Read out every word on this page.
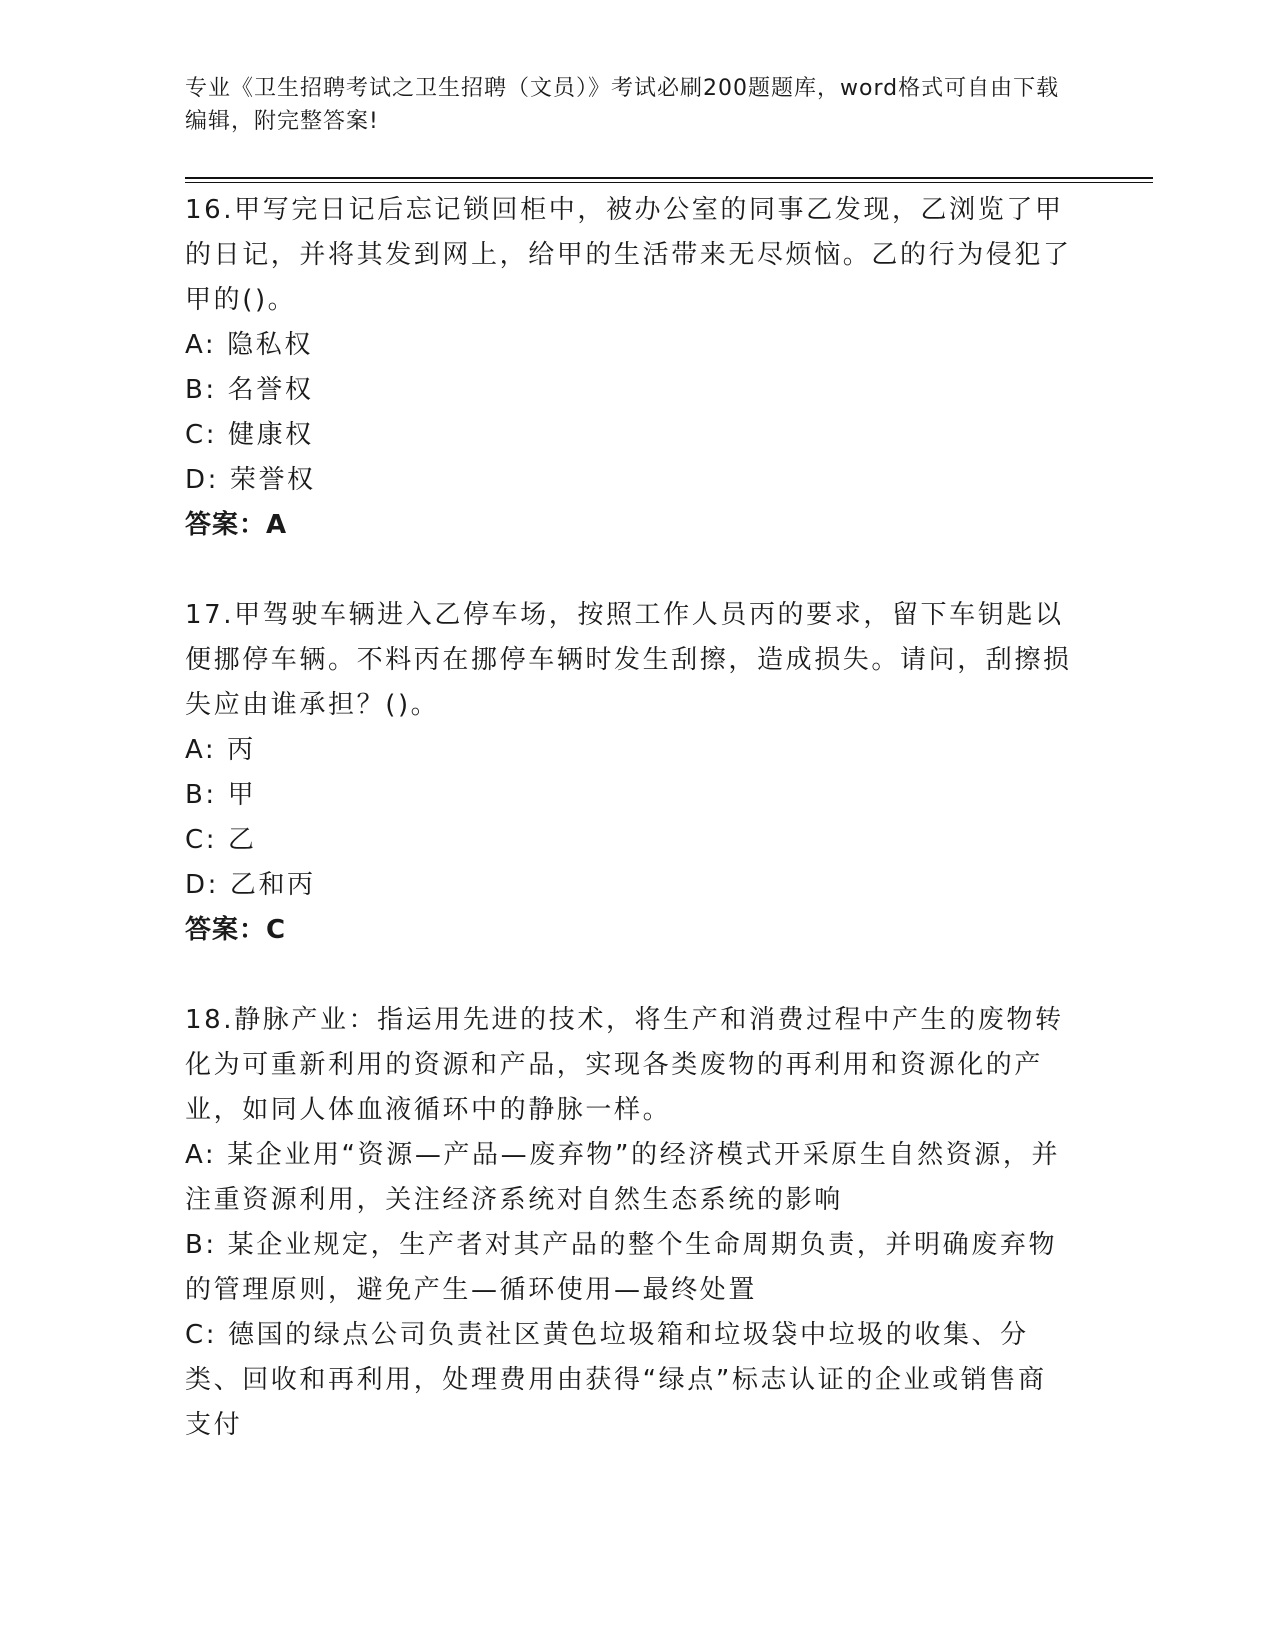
专业《卫生招聘考试之卫生招聘（文员）》考试必刷200题题库，word格式可自由下载编辑，附完整答案!

16.甲写完日记后忘记锁回柜中，被办公室的同事乙发现，乙浏览了甲的日记，并将其发到网上，给甲的生活带来无尽烦恼。乙的行为侵犯了甲的()。

A: 隐私权

B: 名誉权

C: 健康权

D: 荣誉权

答案：A

17.甲驾驶车辆进入乙停车场，按照工作人员丙的要求，留下车钥匙以便挪停车辆。不料丙在挪停车辆时发生刮擦，造成损失。请问，刮擦损失应由谁承担？()。

A: 丙

B: 甲

C: 乙

D: 乙和丙

答案：C

18.静脉产业：指运用先进的技术，将生产和消费过程中产生的废物转化为可重新利用的资源和产品，实现各类废物的再利用和资源化的产业，如同人体血液循环中的静脉一样。

A: 某企业用“资源—产品—废弃物”的经济模式开采原生自然资源，并注重资源利用，关注经济系统对自然生态系统的影响

B: 某企业规定，生产者对其产品的整个生命周期负责，并明确废弃物的管理原则，避免产生—循环使用—最终处置

C: 德国的绿点公司负责社区黄色垃圾箱和垃圾袋中垃圾的收集、分类、回收和再利用，处理费用由获得“绿点”标志认证的企业或销售商支付
